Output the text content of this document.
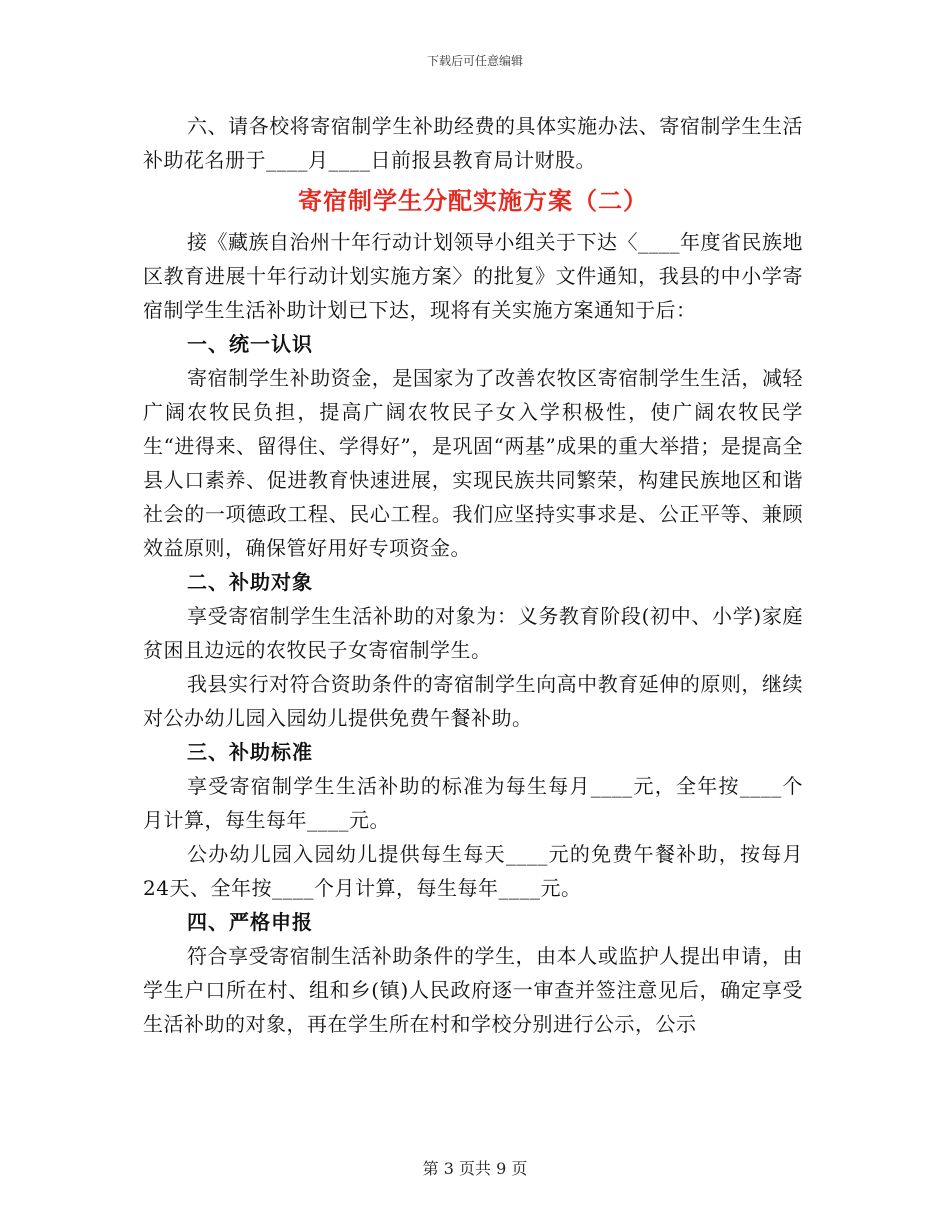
下载后可任意编辑

六、请各校将寄宿制学生补助经费的具体实施办法、寄宿制学生生活补助花名册于____月____日前报县教育局计财股。

寄宿制学生分配实施方案（二）

接《藏族自治州十年行动计划领导小组关于下达〈____年度省民族地区教育进展十年行动计划实施方案〉的批复》文件通知，我县的中小学寄宿制学生生活补助计划已下达，现将有关实施方案通知于后：

一、统一认识

寄宿制学生补助资金，是国家为了改善农牧区寄宿制学生生活，减轻广阔农牧民负担，提高广阔农牧民子女入学积极性，使广阔农牧民学生“进得来、留得住、学得好”，是巩固“两基”成果的重大举措；是提高全县人口素养、促进教育快速进展，实现民族共同繁荣，构建民族地区和谐社会的一项德政工程、民心工程。我们应坚持实事求是、公正平等、兼顾效益原则，确保管好用好专项资金。

二、补助对象

享受寄宿制学生生活补助的对象为：义务教育阶段(初中、小学)家庭贫困且边远的农牧民子女寄宿制学生。

我县实行对符合资助条件的寄宿制学生向高中教育延伸的原则，继续对公办幼儿园入园幼儿提供免费午餐补助。

三、补助标准

享受寄宿制学生生活补助的标准为每生每月____元，全年按____个月计算，每生每年____元。

公办幼儿园入园幼儿提供每生每天____元的免费午餐补助，按每月24天、全年按____个月计算，每生每年____元。

四、严格申报

符合享受寄宿制生活补助条件的学生，由本人或监护人提出申请，由学生户口所在村、组和乡(镇)人民政府逐一审查并签注意见后，确定享受生活补助的对象，再在学生所在村和学校分别进行公示，公示

第 3 页共 9 页
